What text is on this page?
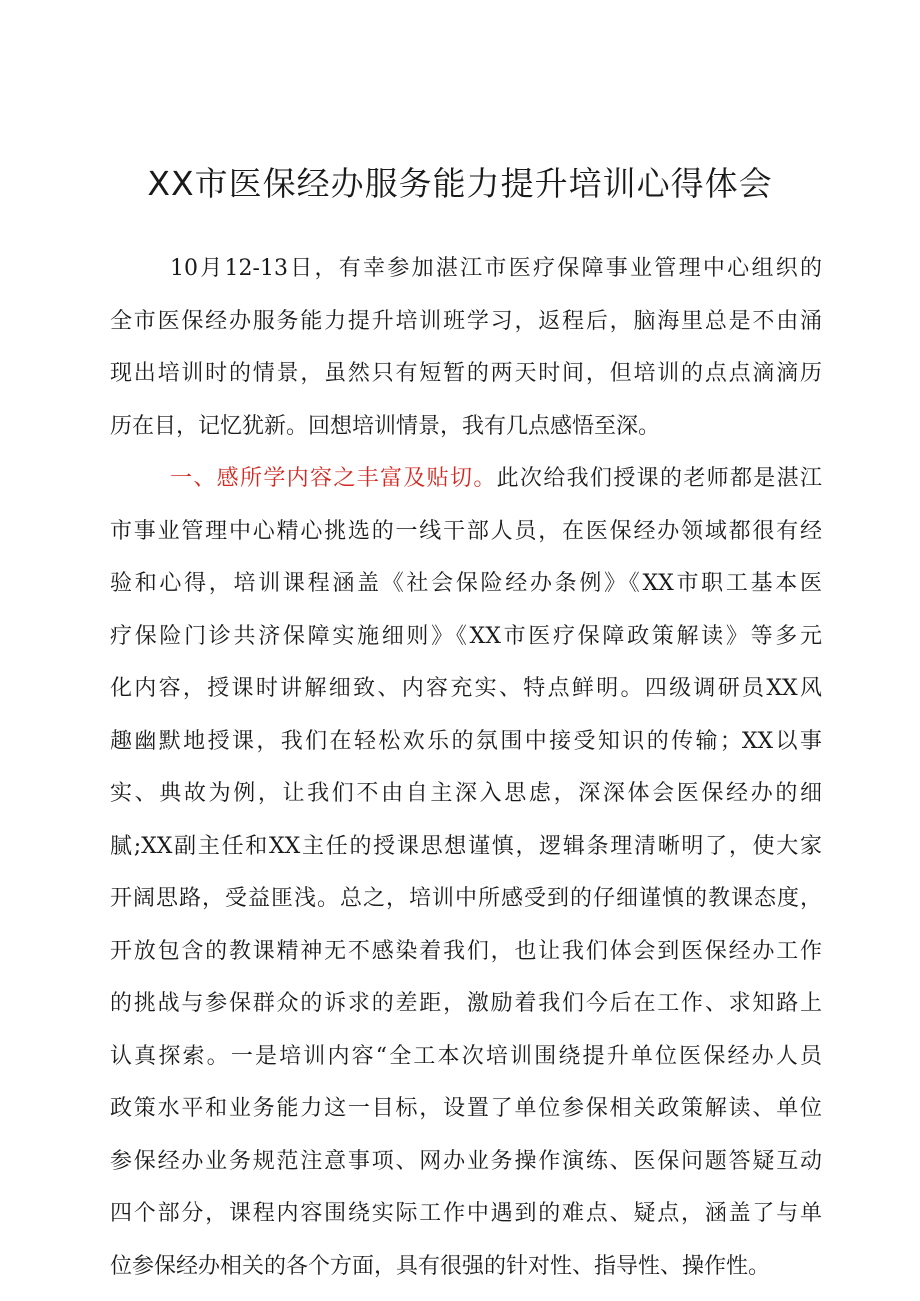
XX市医保经办服务能力提升培训心得体会
10月12-13日，有幸参加湛江市医疗保障事业管理中心组织的
全市医保经办服务能力提升培训班学习，返程后，脑海里总是不由涌
现出培训时的情景，虽然只有短暂的两天时间，但培训的点点滴滴历
历在目，记忆犹新。回想培训情景，我有几点感悟至深。
一、感所学内容之丰富及贴切。此次给我们授课的老师都是湛江
市事业管理中心精心挑选的一线干部人员，在医保经办领域都很有经
验和心得，培训课程涵盖《社会保险经办条例》《XX市职工基本医
疗保险门诊共济保障实施细则》《XX市医疗保障政策解读》等多元
化内容，授课时讲解细致、内容充实、特点鲜明。四级调研员XX风
趣幽默地授课，我们在轻松欢乐的氛围中接受知识的传输；XX以事
实、典故为例，让我们不由自主深入思虑，深深体会医保经办的细
腻;XX副主任和XX主任的授课思想谨慎，逻辑条理清晰明了，使大家
开阔思路，受益匪浅。总之，培训中所感受到的仔细谨慎的教课态度，
开放包含的教课精神无不感染着我们，也让我们体会到医保经办工作
的挑战与参保群众的诉求的差距，激励着我们今后在工作、求知路上
认真探索。一是培训内容“全工本次培训围绕提升单位医保经办人员
政策水平和业务能力这一目标，设置了单位参保相关政策解读、单位
参保经办业务规范注意事项、网办业务操作演练、医保问题答疑互动
四个部分，课程内容围绕实际工作中遇到的难点、疑点，涵盖了与单
位参保经办相关的各个方面，具有很强的针对性、指导性、操作性。
